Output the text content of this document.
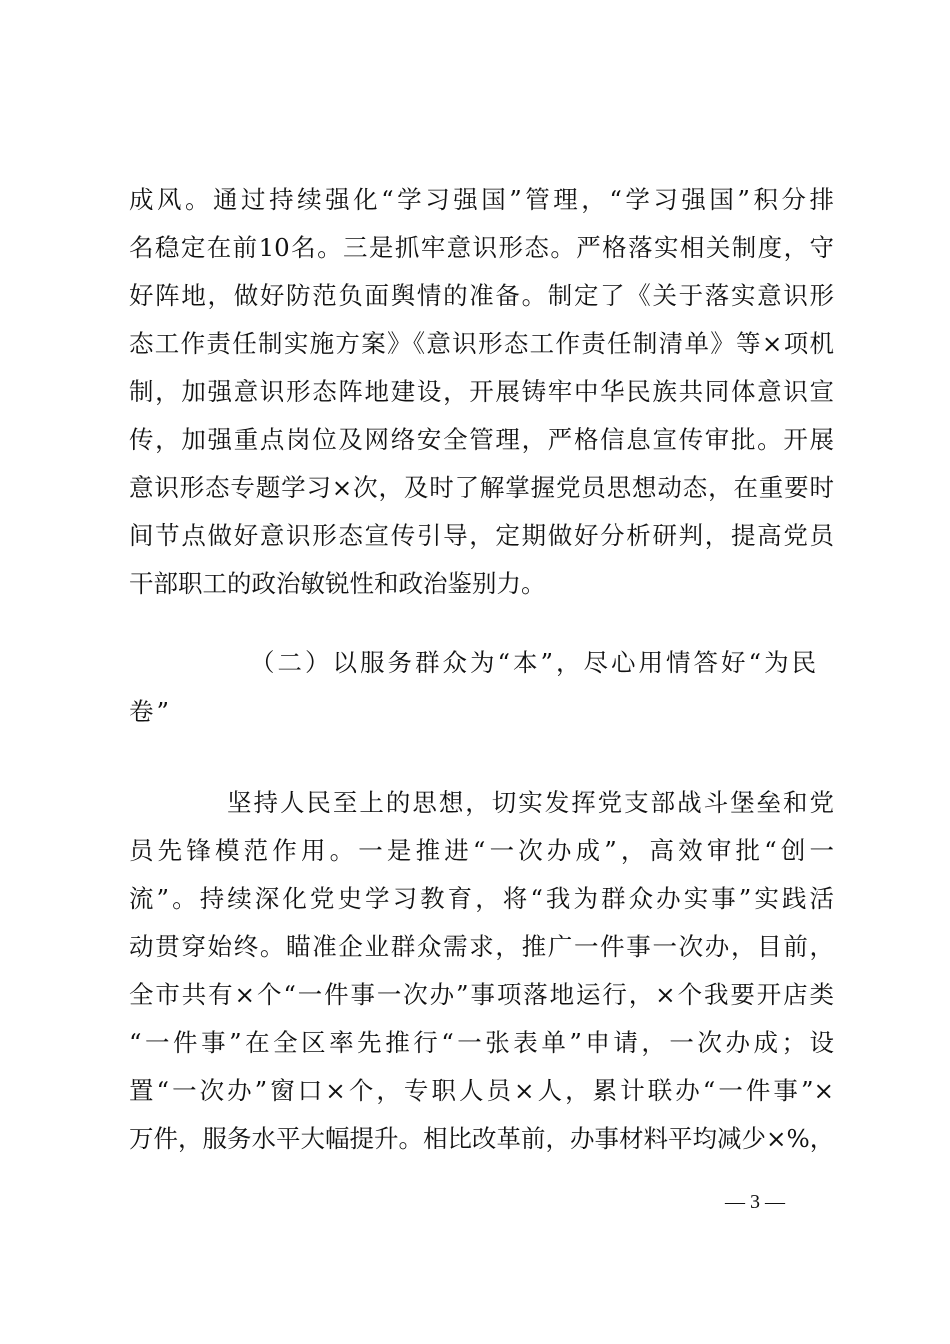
成风。通过持续强化“学习强国”管理，“学习强国”积分排
名稳定在前10名。三是抓牢意识形态。严格落实相关制度，守
好阵地，做好防范负面舆情的准备。制定了《关于落实意识形
态工作责任制实施方案》《意识形态工作责任制清单》等×项机
制，加强意识形态阵地建设，开展铸牢中华民族共同体意识宣
传，加强重点岗位及网络安全管理，严格信息宣传审批。开展
意识形态专题学习×次，及时了解掌握党员思想动态，在重要时
间节点做好意识形态宣传引导，定期做好分析研判，提高党员
干部职工的政治敏锐性和政治鉴别力。
（二）以服务群众为“本”，尽心用情答好“为民
卷”
坚持人民至上的思想，切实发挥党支部战斗堡垒和党
员先锋模范作用。一是推进“一次办成”，高效审批“创一
流”。持续深化党史学习教育，将“我为群众办实事”实践活
动贯穿始终。瞄准企业群众需求，推广一件事一次办，目前，
全市共有×个“一件事一次办”事项落地运行，×个我要开店类
“一件事”在全区率先推行“一张表单”申请，一次办成；设
置“一次办”窗口×个，专职人员×人，累计联办“一件事”×
万件，服务水平大幅提升。相比改革前，办事材料平均减少×%，
— 3 —
